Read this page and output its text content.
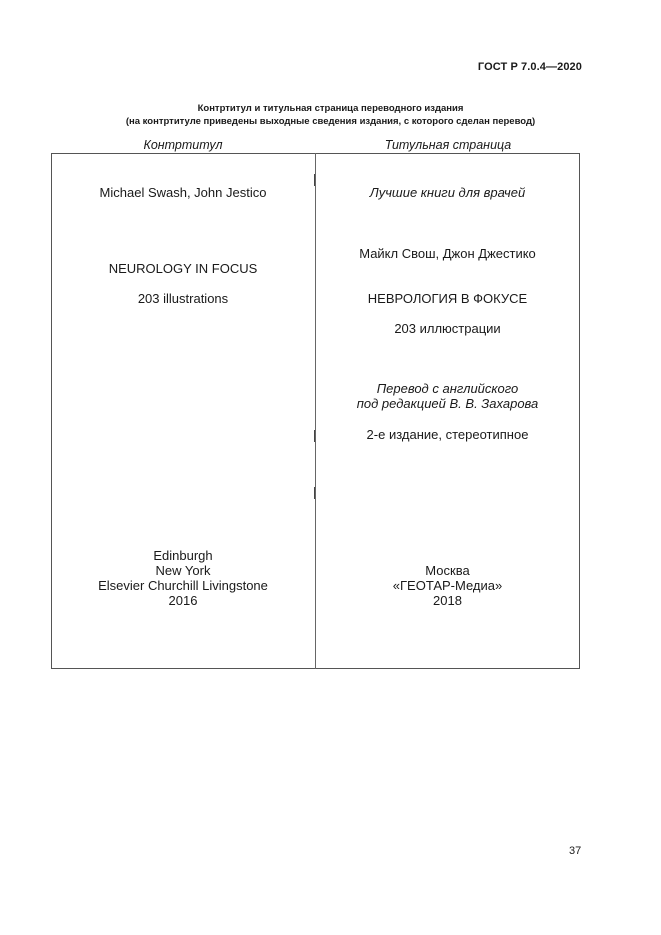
ГОСТ Р 7.0.4—2020
Контртитул и титульная страница переводного издания
(на контртитуле приведены выходные сведения издания, с которого сделан перевод)
Контртитул	Титульная страница
Michael Swash, John Jestico
NEUROLOGY IN FOCUS
203 illustrations
Edinburgh
New York
Elsevier Churchill Livingstone
2016
Лучшие книги для врачей
Майкл Свош, Джон Джестико
НЕВРОЛОГИЯ В ФОКУСЕ
203 иллюстрации
Перевод с английского
под редакцией В. В. Захарова
2-е издание, стереотипное
Москва
«ГЕОТАР-Медиа»
2018
37
